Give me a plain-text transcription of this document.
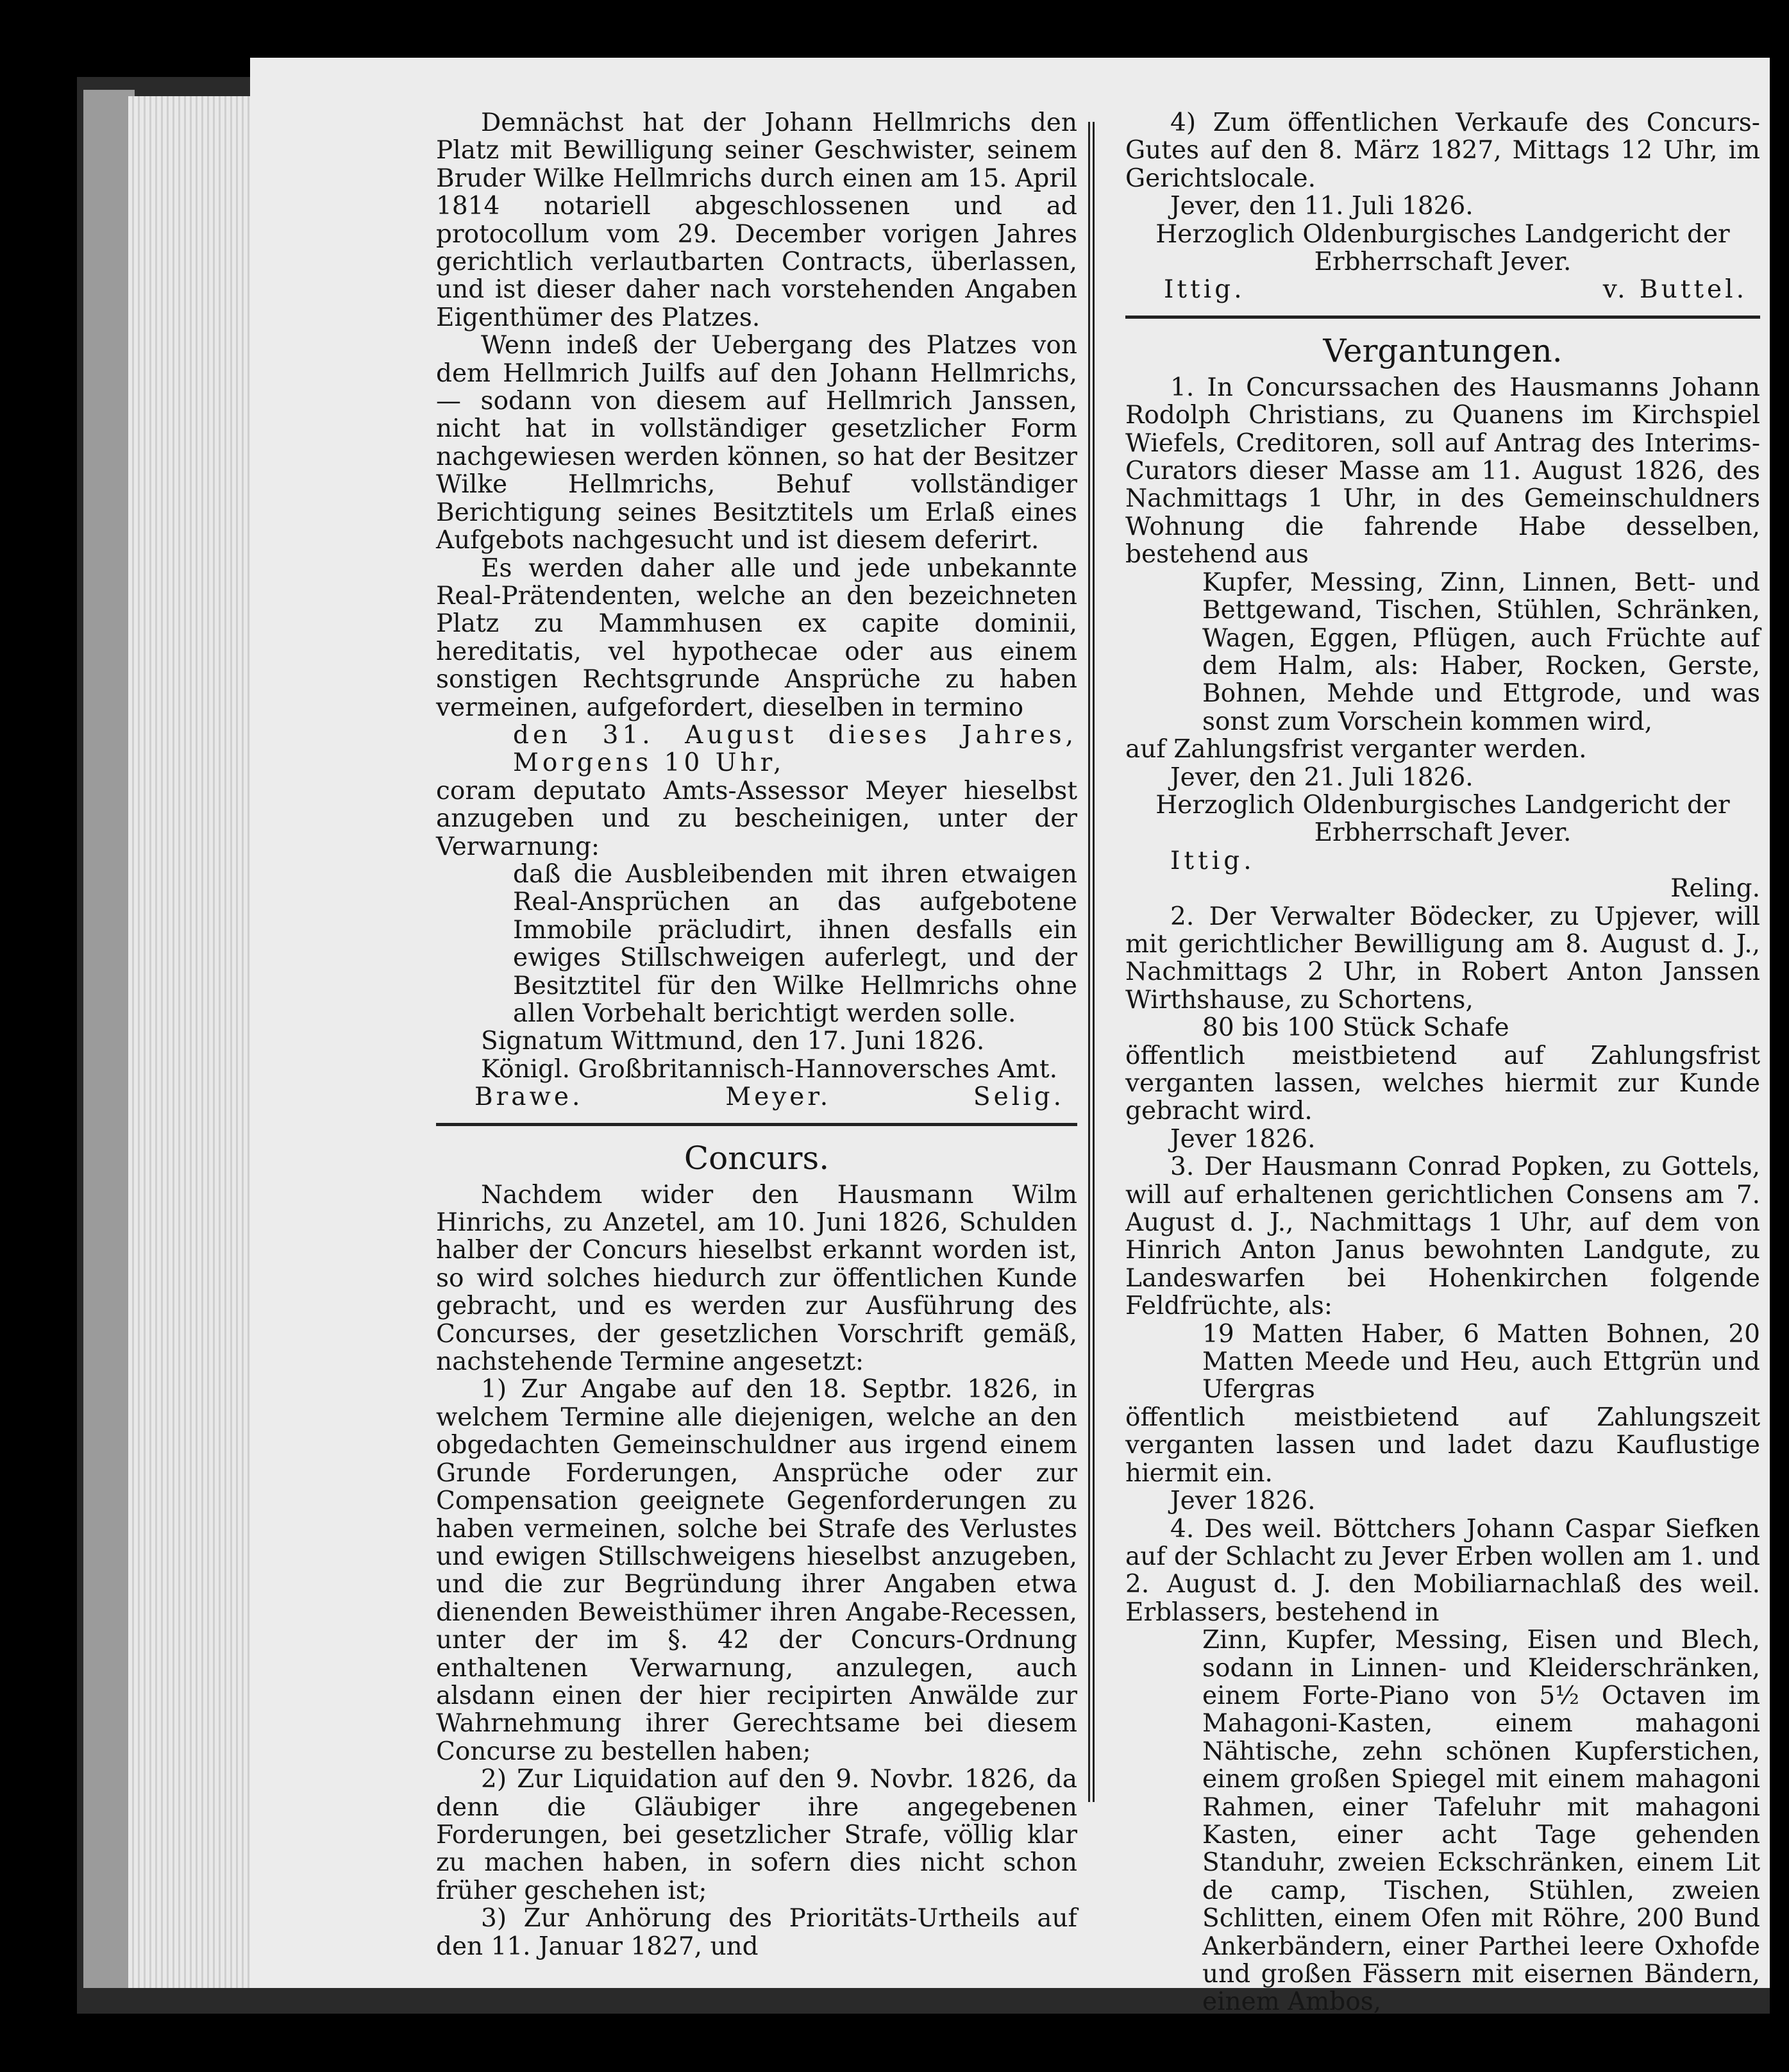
Demnächst hat der Johann Hellmrichs den Platz mit Bewilligung seiner Geschwister, seinem Bruder Wilke Hellmrichs durch einen am 15. April 1814 notariell abgeschlossenen und ad protocollum vom 29. December vorigen Jahres gerichtlich verlautbarten Contracts, überlassen, und ist dieser daher nach vorstehenden Angaben Eigenthümer des Platzes.

Wenn indeß der Uebergang des Platzes von dem Hellmrich Juilfs auf den Johann Hellmrichs, — sodann von diesem auf Hellmrich Janssen, nicht hat in vollständiger gesetzlicher Form nachgewiesen werden können, so hat der Besitzer Wilke Hellmrichs, Behuf vollständiger Berichtigung seines Besitztitels um Erlaß eines Aufgebots nachgesucht und ist diesem deferirt.

Es werden daher alle und jede unbekannte Real-Prätendenten, welche an den bezeichneten Platz zu Mammhusen ex capite dominii, hereditatis, vel hypothecae oder aus einem sonstigen Rechtsgrunde Ansprüche zu haben vermeinen, aufgefordert, dieselben in termino

den 31. August dieses Jahres, Morgens 10 Uhr,

coram deputato Amts-Assessor Meyer hieselbst anzugeben und zu bescheinigen, unter der Verwarnung:

daß die Ausbleibenden mit ihren etwaigen Real-Ansprüchen an das aufgebotene Immobile präcludirt, ihnen desfalls ein ewiges Stillschweigen auferlegt, und der Besitztitel für den Wilke Hellmrichs ohne allen Vorbehalt berichtigt werden solle.

Signatum Wittmund, den 17. Juni 1826.

Königl. Großbritannisch-Hannoversches Amt.

Brawe.	Meyer.	Selig.
Concurs.

Nachdem wider den Hausmann Wilm Hinrichs, zu Anzetel, am 10. Juni 1826, Schulden halber der Concurs hieselbst erkannt worden ist, so wird solches hiedurch zur öffentlichen Kunde gebracht, und es werden zur Ausführung des Concurses, der gesetzlichen Vorschrift gemäß, nachstehende Termine angesetzt:

1) Zur Angabe auf den 18. Septbr. 1826, in welchem Termine alle diejenigen, welche an den obgedachten Gemeinschuldner aus irgend einem Grunde Forderungen, Ansprüche oder zur Compensation geeignete Gegenforderungen zu haben vermeinen, solche bei Strafe des Verlustes und ewigen Stillschweigens hieselbst anzugeben, und die zur Begründung ihrer Angaben etwa dienenden Beweisthümer ihren Angabe-Recessen, unter der im §. 42 der Concurs-Ordnung enthaltenen Verwarnung, anzulegen, auch alsdann einen der hier recipirten Anwälde zur Wahrnehmung ihrer Gerechtsame bei diesem Concurse zu bestellen haben;

2) Zur Liquidation auf den 9. Novbr. 1826, da denn die Gläubiger ihre angegebenen Forderungen, bei gesetzlicher Strafe, völlig klar zu machen haben, in sofern dies nicht schon früher geschehen ist;

3) Zur Anhörung des Prioritäts-Urtheils auf den 11. Januar 1827, und

4) Zum öffentlichen Verkaufe des Concurs-Gutes auf den 8. März 1827, Mittags 12 Uhr, im Gerichtslocale.

Jever, den 11. Juli 1826.

Herzoglich Oldenburgisches Landgericht der Erbherrschaft Jever.

Ittig.	v. Buttel.
Vergantungen.

1. In Concurssachen des Hausmanns Johann Rodolph Christians, zu Quanens im Kirchspiel Wiefels, Creditoren, soll auf Antrag des Interims-Curators dieser Masse am 11. August 1826, des Nachmittags 1 Uhr, in des Gemeinschuldners Wohnung die fahrende Habe desselben, bestehend aus

Kupfer, Messing, Zinn, Linnen, Bett- und Bettgewand, Tischen, Stühlen, Schränken, Wagen, Eggen, Pflügen, auch Früchte auf dem Halm, als: Haber, Rocken, Gerste, Bohnen, Mehde und Ettgrode, und was sonst zum Vorschein kommen wird,

auf Zahlungsfrist verganter werden.

Jever, den 21. Juli 1826.

Herzoglich Oldenburgisches Landgericht der Erbherrschaft Jever.

Ittig.

Reling.

2. Der Verwalter Bödecker, zu Upjever, will mit gerichtlicher Bewilligung am 8. August d. J., Nachmittags 2 Uhr, in Robert Anton Janssen Wirthshause, zu Schortens,

80 bis 100 Stück Schafe

öffentlich meistbietend auf Zahlungsfrist verganten lassen, welches hiermit zur Kunde gebracht wird.

Jever 1826.

3. Der Hausmann Conrad Popken, zu Gottels, will auf erhaltenen gerichtlichen Consens am 7. August d. J., Nachmittags 1 Uhr, auf dem von Hinrich Anton Janus bewohnten Landgute, zu Landeswarfen bei Hohenkirchen folgende Feldfrüchte, als:

19 Matten Haber, 6 Matten Bohnen, 20 Matten Meede und Heu, auch Ettgrün und Ufergras

öffentlich meistbietend auf Zahlungszeit verganten lassen und ladet dazu Kauflustige hiermit ein.

Jever 1826.

4. Des weil. Böttchers Johann Caspar Siefken auf der Schlacht zu Jever Erben wollen am 1. und 2. August d. J. den Mobiliarnachlaß des weil. Erblassers, bestehend in

Zinn, Kupfer, Messing, Eisen und Blech, sodann in Linnen- und Kleiderschränken, einem Forte-Piano von 5½ Octaven im Mahagoni-Kasten, einem mahagoni Nähtische, zehn schönen Kupferstichen, einem großen Spiegel mit einem mahagoni Rahmen, einer Tafeluhr mit mahagoni Kasten, einer acht Tage gehenden Standuhr, zweien Eckschränken, einem Lit de camp, Tischen, Stühlen, zweien Schlitten, einem Ofen mit Röhre, 200 Bund Ankerbändern, einer Parthei leere Oxhofde und großen Fässern mit eisernen Bändern, einem Ambos,
